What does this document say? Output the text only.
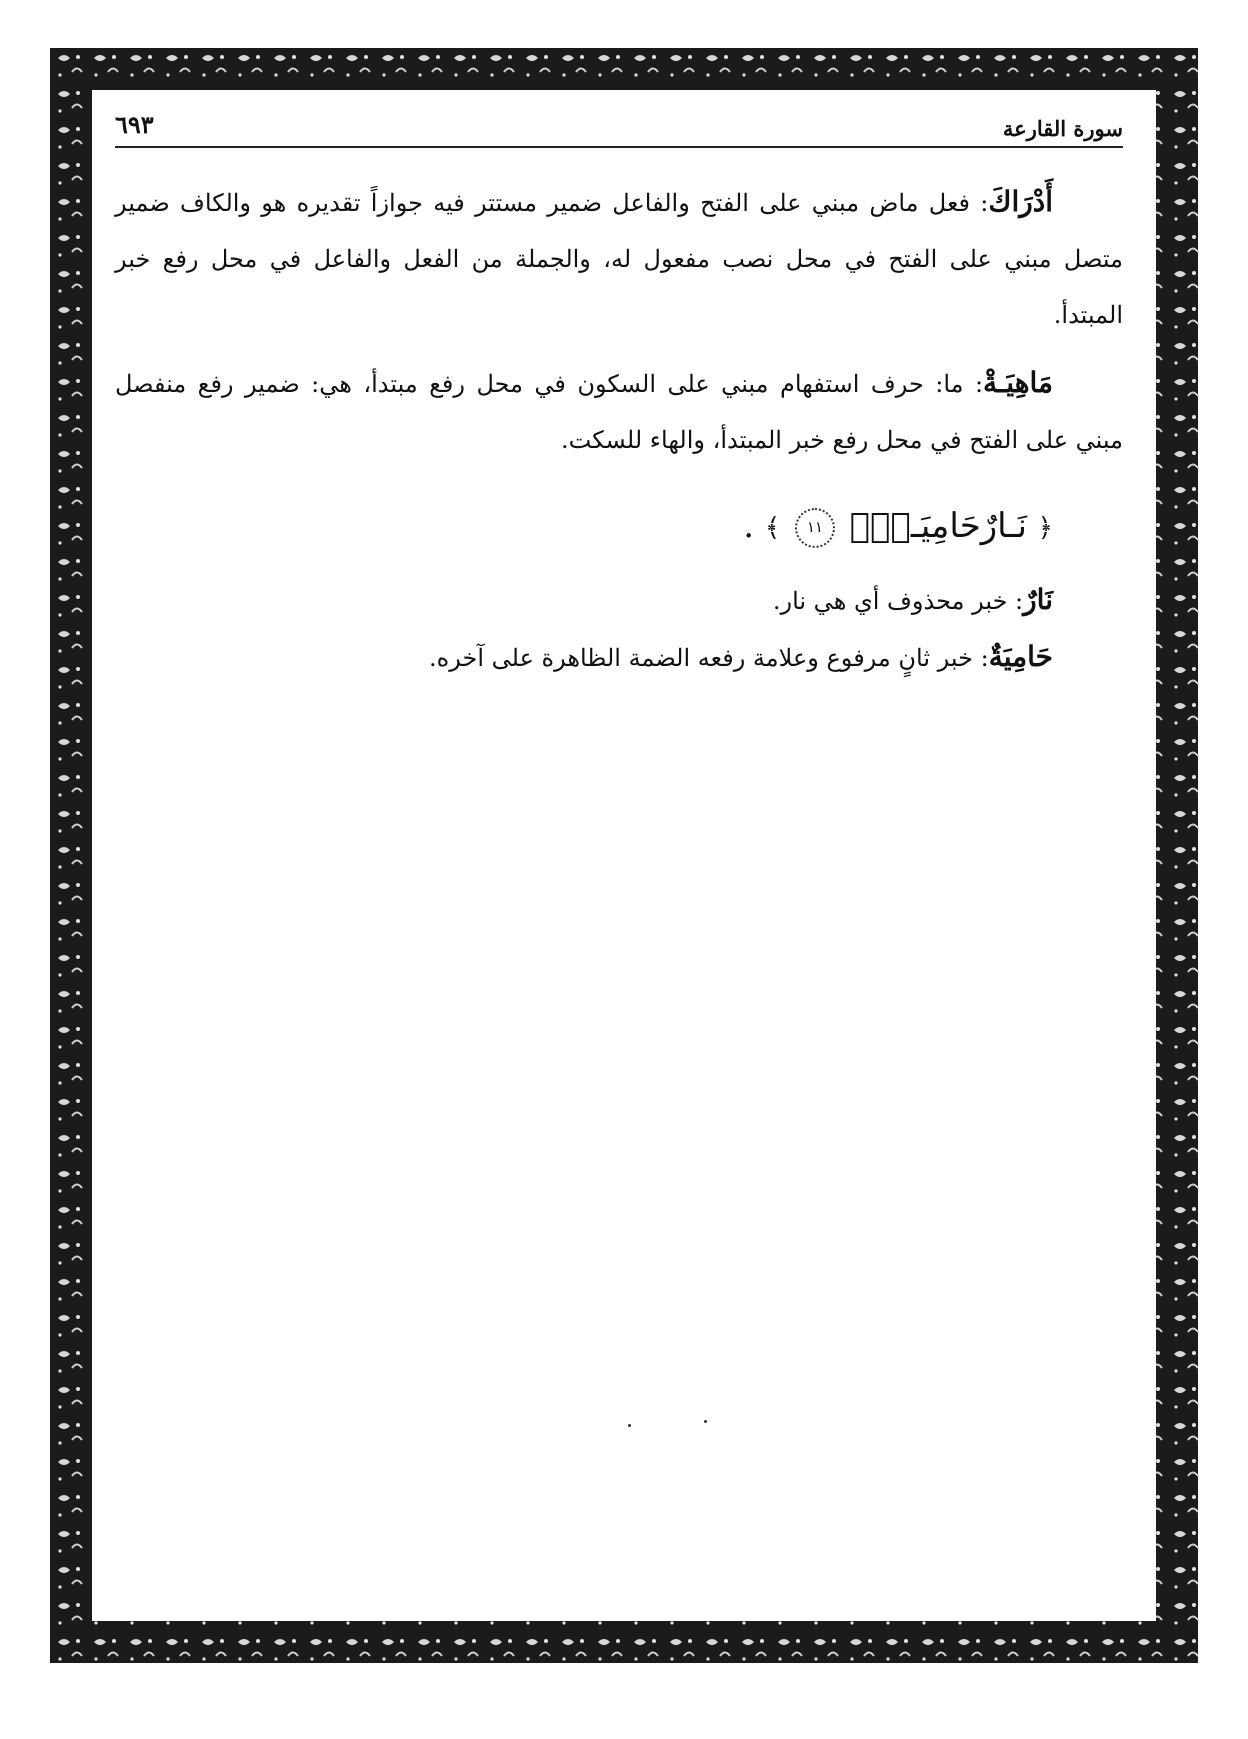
سورة القارعة
٦٩٣

أَدْرَاكَ: فعل ماض مبني على الفتح والفاعل ضمير مستتر فيه جوازاً تقديره هو والكاف ضمير متصل مبني على الفتح في محل نصب مفعول له، والجملة من الفعل والفاعل في محل رفع خبر المبتدأ.

مَاهِيَـةْ: ما: حرف استفهام مبني على السكون في محل رفع مبتدأ، هي: ضمير رفع منفصل مبني على الفتح في محل رفع خبر المبتدأ، والهاء للسكت.

﴿ نَـارٌحَامِيَـةٌۢ ١١ ﴾ .

نَارٌ: خبر محذوف أي هي نار.

حَامِيَةٌ: خبر ثانٍ مرفوع وعلامة رفعه الضمة الظاهرة على آخره.
